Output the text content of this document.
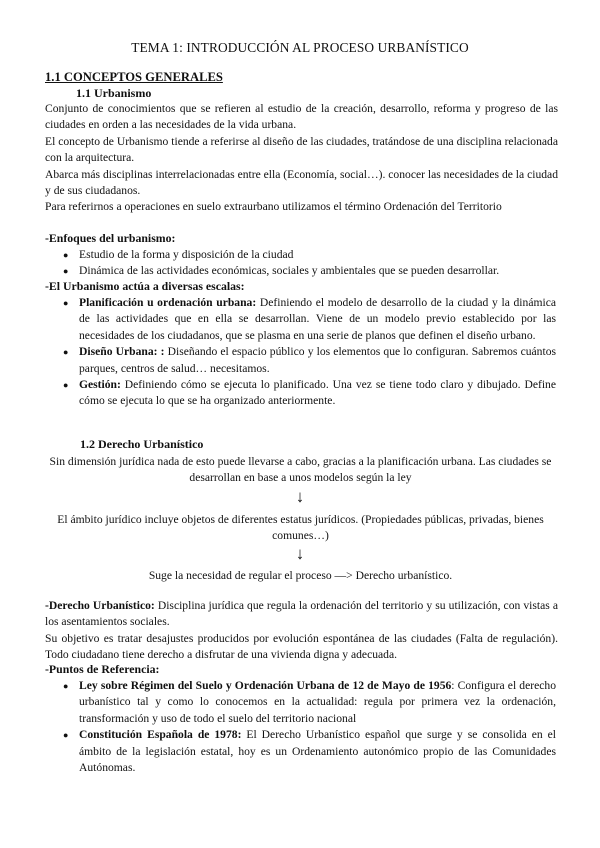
TEMA 1: INTRODUCCIÓN AL PROCESO URBANÍSTICO
1.1 CONCEPTOS GENERALES
1.1 Urbanismo

Conjunto de conocimientos que se refieren al estudio de la creación, desarrollo, reforma y progreso de las ciudades en orden a las necesidades de la vida urbana.

El concepto de Urbanismo tiende a referirse al diseño de las ciudades, tratándose de una disciplina relacionada con la arquitectura.

Abarca más disciplinas interrelacionadas entre ella (Economía, social…). conocer las necesidades de la ciudad y de sus ciudadanos.

Para referirnos a operaciones en suelo extraurbano utilizamos el término Ordenación del Territorio

-Enfoques del urbanismo:
● Estudio de la forma y disposición de la ciudad
● Dinámica de las actividades económicas, sociales y ambientales que se pueden desarrollar.
-El Urbanismo actúa a diversas escalas:
● Planificación u ordenación urbana: Definiendo el modelo de desarrollo de la ciudad y la dinámica de las actividades que en ella se desarrollan. Viene de un modelo previo establecido por las necesidades de los ciudadanos, que se plasma en una serie de planos que definen el diseño urbano.
● Diseño Urbana: : Diseñando el espacio público y los elementos que lo configuran. Sabremos cuántos parques, centros de salud… necesitamos.
● Gestión: Definiendo cómo se ejecuta lo planificado. Una vez se tiene todo claro y dibujado. Define cómo se ejecuta lo que se ha organizado anteriormente.
1.2 Derecho Urbanístico
Sin dimensión jurídica nada de esto puede llevarse a cabo, gracias a la planificación urbana. Las ciudades se desarrollan en base a unos modelos según la ley
↓
El ámbito jurídico incluye objetos de diferentes estatus jurídicos. (Propiedades públicas, privadas, bienes comunes…)
↓
Suge la necesidad de regular el proceso —> Derecho urbanístico.

-Derecho Urbanístico: Disciplina jurídica que regula la ordenación del territorio y su utilización, con vistas a los asentamientos sociales.

Su objetivo es tratar desajustes producidos por evolución espontánea de las ciudades (Falta de regulación). Todo ciudadano tiene derecho a disfrutar de una vivienda digna y adecuada.

-Puntos de Referencia:
● Ley sobre Régimen del Suelo y Ordenación Urbana de 12 de Mayo de 1956: Configura el derecho urbanístico tal y como lo conocemos en la actualidad: regula por primera vez la ordenación, transformación y uso de todo el suelo del territorio nacional
● Constitución Española de 1978: El Derecho Urbanístico español que surge y se consolida en el ámbito de la legislación estatal, hoy es un Ordenamiento autonómico propio de las Comunidades Autónomas.
